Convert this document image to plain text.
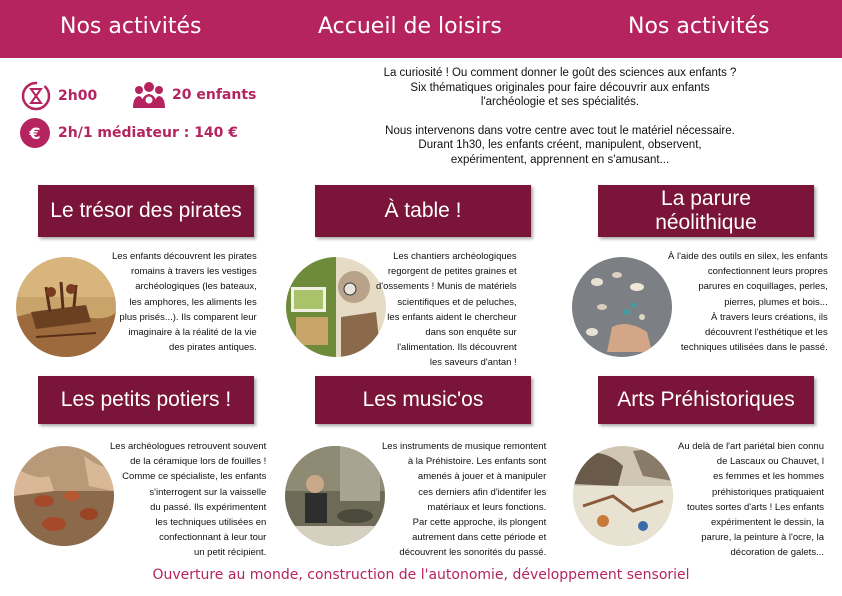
Nos activités	Accueil de loisirs	Nos activités
2h00	20 enfants
€	2h/1 médiateur : 140 €

La curiosité ! Ou comment donner le goût des sciences aux enfants ?
Six thématiques originales pour faire découvrir aux enfants
l'archéologie et ses spécialités.

Nous intervenons dans votre centre avec tout le matériel nécessaire.
Durant 1h30, les enfants créent, manipulent, observent,
expérimentent, apprennent en s'amusant...

Le trésor des pirates	À table !
La parure
néolithique
Les enfants découvrent les pirates
romains à travers les vestiges
archéologiques (les bateaux,
les amphores, les aliments les
plus prisés...). Ils comparent leur
imaginaire à la réalité de la vie
des pirates antiques.
Les chantiers archéologiques
regorgent de petites graines et
d'ossements ! Munis de matériels
scientifiques et de peluches,
les enfants aident le chercheur
dans son enquête sur
l'alimentation. Ils découvrent
les saveurs d'antan !
À l'aide des outils en silex, les enfants
confectionnent leurs propres
parures en coquillages, perles,
pierres, plumes et bois...
À travers leurs créations, ils
découvrent l'esthétique et les
techniques utilisées dans le passé.
Les petits potiers !	Les music'os	Arts Préhistoriques
Les archéologues retrouvent souvent
de la céramique lors de fouilles !
Comme ce spécialiste, les enfants
s'interrogent sur la vaisselle
du passé. Ils expérimentent
les techniques utilisées en
confectionnant à leur tour
un petit récipient.
Les instruments de musique remontent
à la Préhistoire. Les enfants sont
amenés à jouer et à manipuler
ces derniers afin d'identifer les
matériaux et leurs fonctions.
Par cette approche, ils plongent
autrement dans cette période et
découvrent les sonorités du passé.
Au delà de l'art pariétal bien connu
de Lascaux ou Chauvet, l
es femmes et les hommes
préhistoriques pratiquaient
toutes sortes d'arts ! Les enfants
expérimentent le dessin, la
parure, la peinture à l'ocre, la
décoration de galets...
Ouverture au monde, construction de l'autonomie, développement sensoriel
